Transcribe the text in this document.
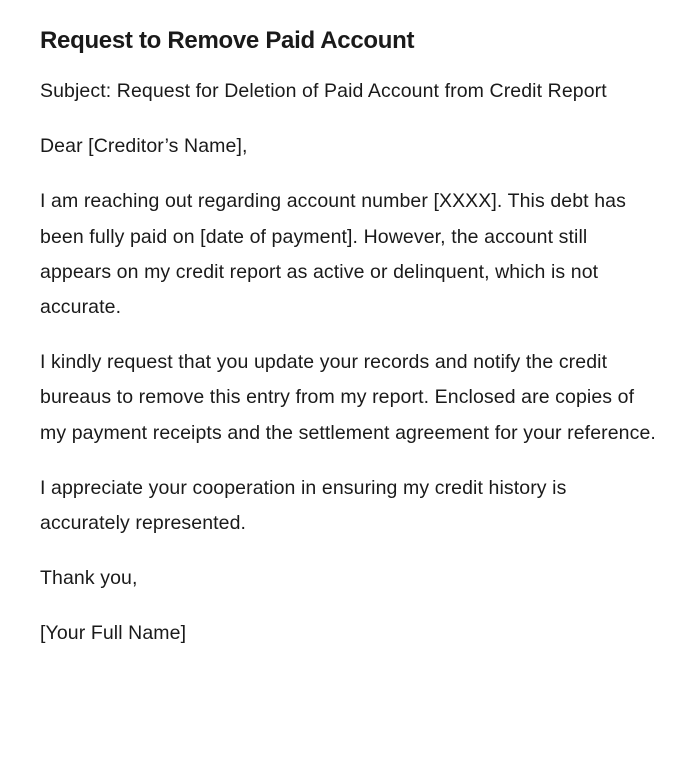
Request to Remove Paid Account

Subject: Request for Deletion of Paid Account from Credit Report

Dear [Creditor’s Name],

I am reaching out regarding account number [XXXX]. This debt has been fully paid on [date of payment]. However, the account still appears on my credit report as active or delinquent, which is not accurate.

I kindly request that you update your records and notify the credit bureaus to remove this entry from my report. Enclosed are copies of my payment receipts and the settlement agreement for your reference.

I appreciate your cooperation in ensuring my credit history is accurately represented.

Thank you,

[Your Full Name]
